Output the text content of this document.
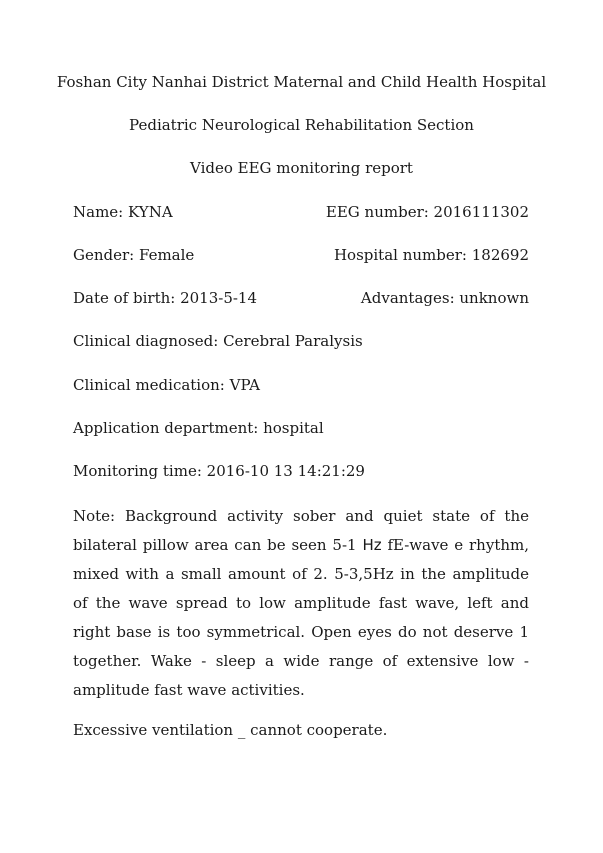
Foshan City Nanhai District Maternal and Child Health Hospital
Pediatric Neurological Rehabilitation Section
Video EEG monitoring report
Name: KYNA	EEG number: 2016111302
Gender: Female	Hospital number: 182692
Date of birth: 2013-5-14	Advantages: unknown
Clinical diagnosed: Cerebral Paralysis
Clinical medication: VPA
Application department: hospital
Monitoring time: 2016-10 13 14:21:29
Note: Background activity sober and quiet state of the bilateral pillow area can be seen 5-1 Hz fE-wave e rhythm, mixed with a small amount of 2. 5-3,5Hz in the amplitude of the wave spread to low amplitude fast wave, left and right base is too symmetrical. Open eyes do not deserve 1 together. Wake - sleep a wide range of extensive low - amplitude fast wave activities.
Excessive ventilation _ cannot cooperate.
